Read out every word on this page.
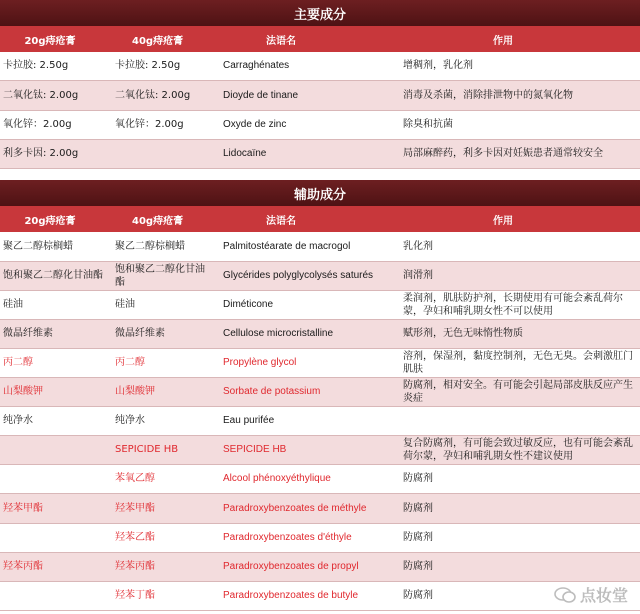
主要成分
20g痔疮膏	40g痔疮膏	法语名	作用
卡拉胶: 2.50g	卡拉胶: 2.50g	Carraghénates	增稠剂，乳化剂
二氧化钛: 2.00g	二氧化钛: 2.00g	Dioyde de tinane	消毒及杀菌，消除排泄物中的氮氧化物
氧化锌：2.00g	氧化锌：2.00g	Oxyde de zinc	除臭和抗菌
利多卡因: 2.00g		Lidocaïne	局部麻醉药，利多卡因对妊娠患者通常较安全
辅助成分
20g痔疮膏	40g痔疮膏	法语名	作用
聚乙二醇棕榈蜡	聚乙二醇棕榈蜡	Palmitostéarate de macrogol	乳化剂
饱和聚乙二醇化甘油酯	饱和聚乙二醇化甘油酯	Glycérides polyglycolysés saturés	润滑剂
硅油	硅油	Diméticone	柔润剂，肌肤防护剂，长期使用有可能会紊乱荷尔蒙，孕妇和哺乳期女性不可以使用
微晶纤维素	微晶纤维素	Cellulose microcristalline	赋形剂，无色无味惰性物质
丙二醇	丙二醇	Propylène glycol	溶剂，保湿剂，黏度控制剂，无色无臭。会刺激肛门肌肤
山梨酸钾	山梨酸钾	Sorbate de potassium	防腐剂，相对安全。有可能会引起局部皮肤反应产生炎症
纯净水	纯净水	Eau purifée	
	SEPICIDE HB	SEPICIDE HB	复合防腐剂，有可能会致过敏反应，也有可能会紊乱荷尔蒙，孕妇和哺乳期女性不建议使用
	苯氧乙醇	Alcool phénoxyéthylique	防腐剂
羟苯甲酯	羟苯甲酯	Paradroxybenzoates de méthyle	防腐剂
	羟苯乙酯	Paradroxybenzoates d'éthyle	防腐剂
羟苯丙酯	羟苯丙酯	Paradroxybenzoates de propyl	防腐剂
	羟苯丁酯	Paradroxybenzoates de butyle	防腐剂	点妆堂
